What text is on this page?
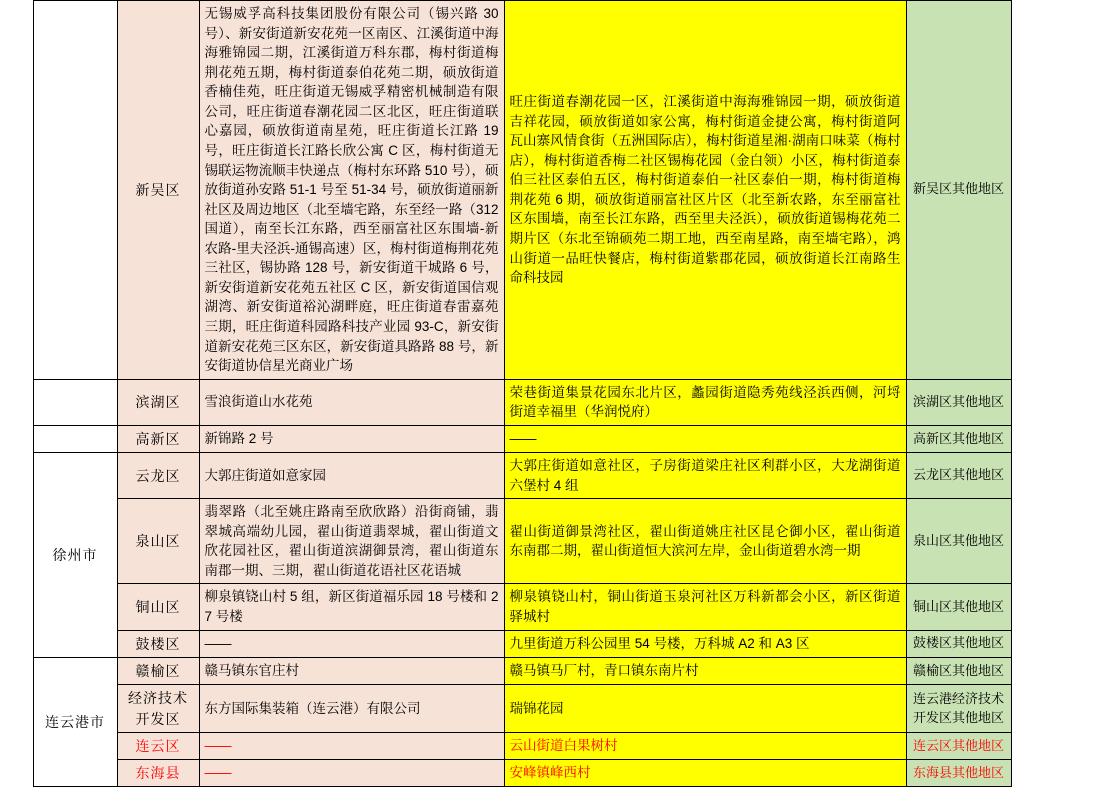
		新吴区	无锡威孚高科技集团股份有限公司（锡兴路 30 号）、新安街道新安花苑一区南区、江溪街道中海海雅锦园二期，江溪街道万科东郡，梅村街道梅荆花苑五期，梅村街道泰伯花苑二期，硕放街道香楠佳苑，旺庄街道无锡威孚精密机械制造有限公司，旺庄街道春潮花园二区北区，旺庄街道联心嘉园，硕放街道南星苑，旺庄街道长江路 19 号，旺庄街道长江路长欣公寓 C 区，梅村街道无锡联运物流顺丰快递点（梅村东环路 510 号），硕放街道孙安路 51-1 号至 51-34 号，硕放街道丽新社区及周边地区（北至墙宅路，东至经一路（312 国道），南至长江东路，西至丽富社区东围墙-新农路-里夫泾浜-通锡高速）区，梅村街道梅荆花苑三社区，锡协路 128 号，新安街道干城路 6 号，新安街道新安花苑五社区 C 区，新安街道国信观湖湾、新安街道裕沁湖畔庭，旺庄街道春雷嘉苑三期，旺庄街道科园路科技产业园 93-C，新安街道新安花苑三区东区，新安街道具路路 88 号，新安街道协信星光商业广场	旺庄街道春潮花园一区，江溪街道中海海雅锦园一期，硕放街道吉祥花园，硕放街道如家公寓，梅村街道金捷公寓，梅村街道阿瓦山寨风情食街（五洲国际店），梅村街道星湘·湖南口味菜（梅村店），梅村街道香梅二社区锡梅花园（金白领）小区，梅村街道泰伯三社区泰伯五区，梅村街道泰伯一社区泰伯一期，梅村街道梅荆花苑 6 期，硕放街道丽富社区片区（北至新农路，东至丽富社区东围墙，南至长江东路，西至里夫泾浜），硕放街道锡梅花苑二期片区（东北至锦硕苑二期工地，西至南星路，南至墙宅路），鸿山街道一品旺快餐店，梅村街道紫郡花园，硕放街道长江南路生命科技园	新吴区其他地区	
		滨湖区	雪浪街道山水花苑	荣巷街道集景花园东北片区，蠡园街道隐秀苑线泾浜西侧，河埒街道幸福里（华润悦府）	滨湖区其他地区	
		高新区	新锦路 2 号	——	高新区其他地区	
	徐州市	云龙区	大郭庄街道如意家园	大郭庄街道如意社区，子房街道梁庄社区利群小区，大龙湖街道六堡村 4 组	云龙区其他地区	
		泉山区	翡翠路（北至姚庄路南至欣欣路）沿街商铺，翡翠城高端幼儿园，翟山街道翡翠城，翟山街道文欣花园社区，翟山街道滨湖御景湾，翟山街道东南郡一期、三期，翟山街道花语社区花语城	翟山街道御景湾社区，翟山街道姚庄社区昆仑御小区，翟山街道东南郡二期，翟山街道恒大滨河左岸，金山街道碧水湾一期	泉山区其他地区	
		铜山区	柳泉镇铙山村 5 组，新区街道福乐园 18 号楼和 27 号楼	柳泉镇铙山村，铜山街道玉泉河社区万科新都会小区，新区街道驿城村	铜山区其他地区	
		鼓楼区	——	九里街道万科公园里 54 号楼，万科城 A2 和 A3 区	鼓楼区其他地区	
	连云港市	赣榆区	赣马镇东官庄村	赣马镇马厂村，青口镇东南片村	赣榆区其他地区	
		经济技术开发区	东方国际集装箱（连云港）有限公司	瑞锦花园	连云港经济技术开发区其他地区	
		连云区	——	云山街道白果树村	连云区其他地区	
		东海县	——	安峰镇峰西村	东海县其他地区	
